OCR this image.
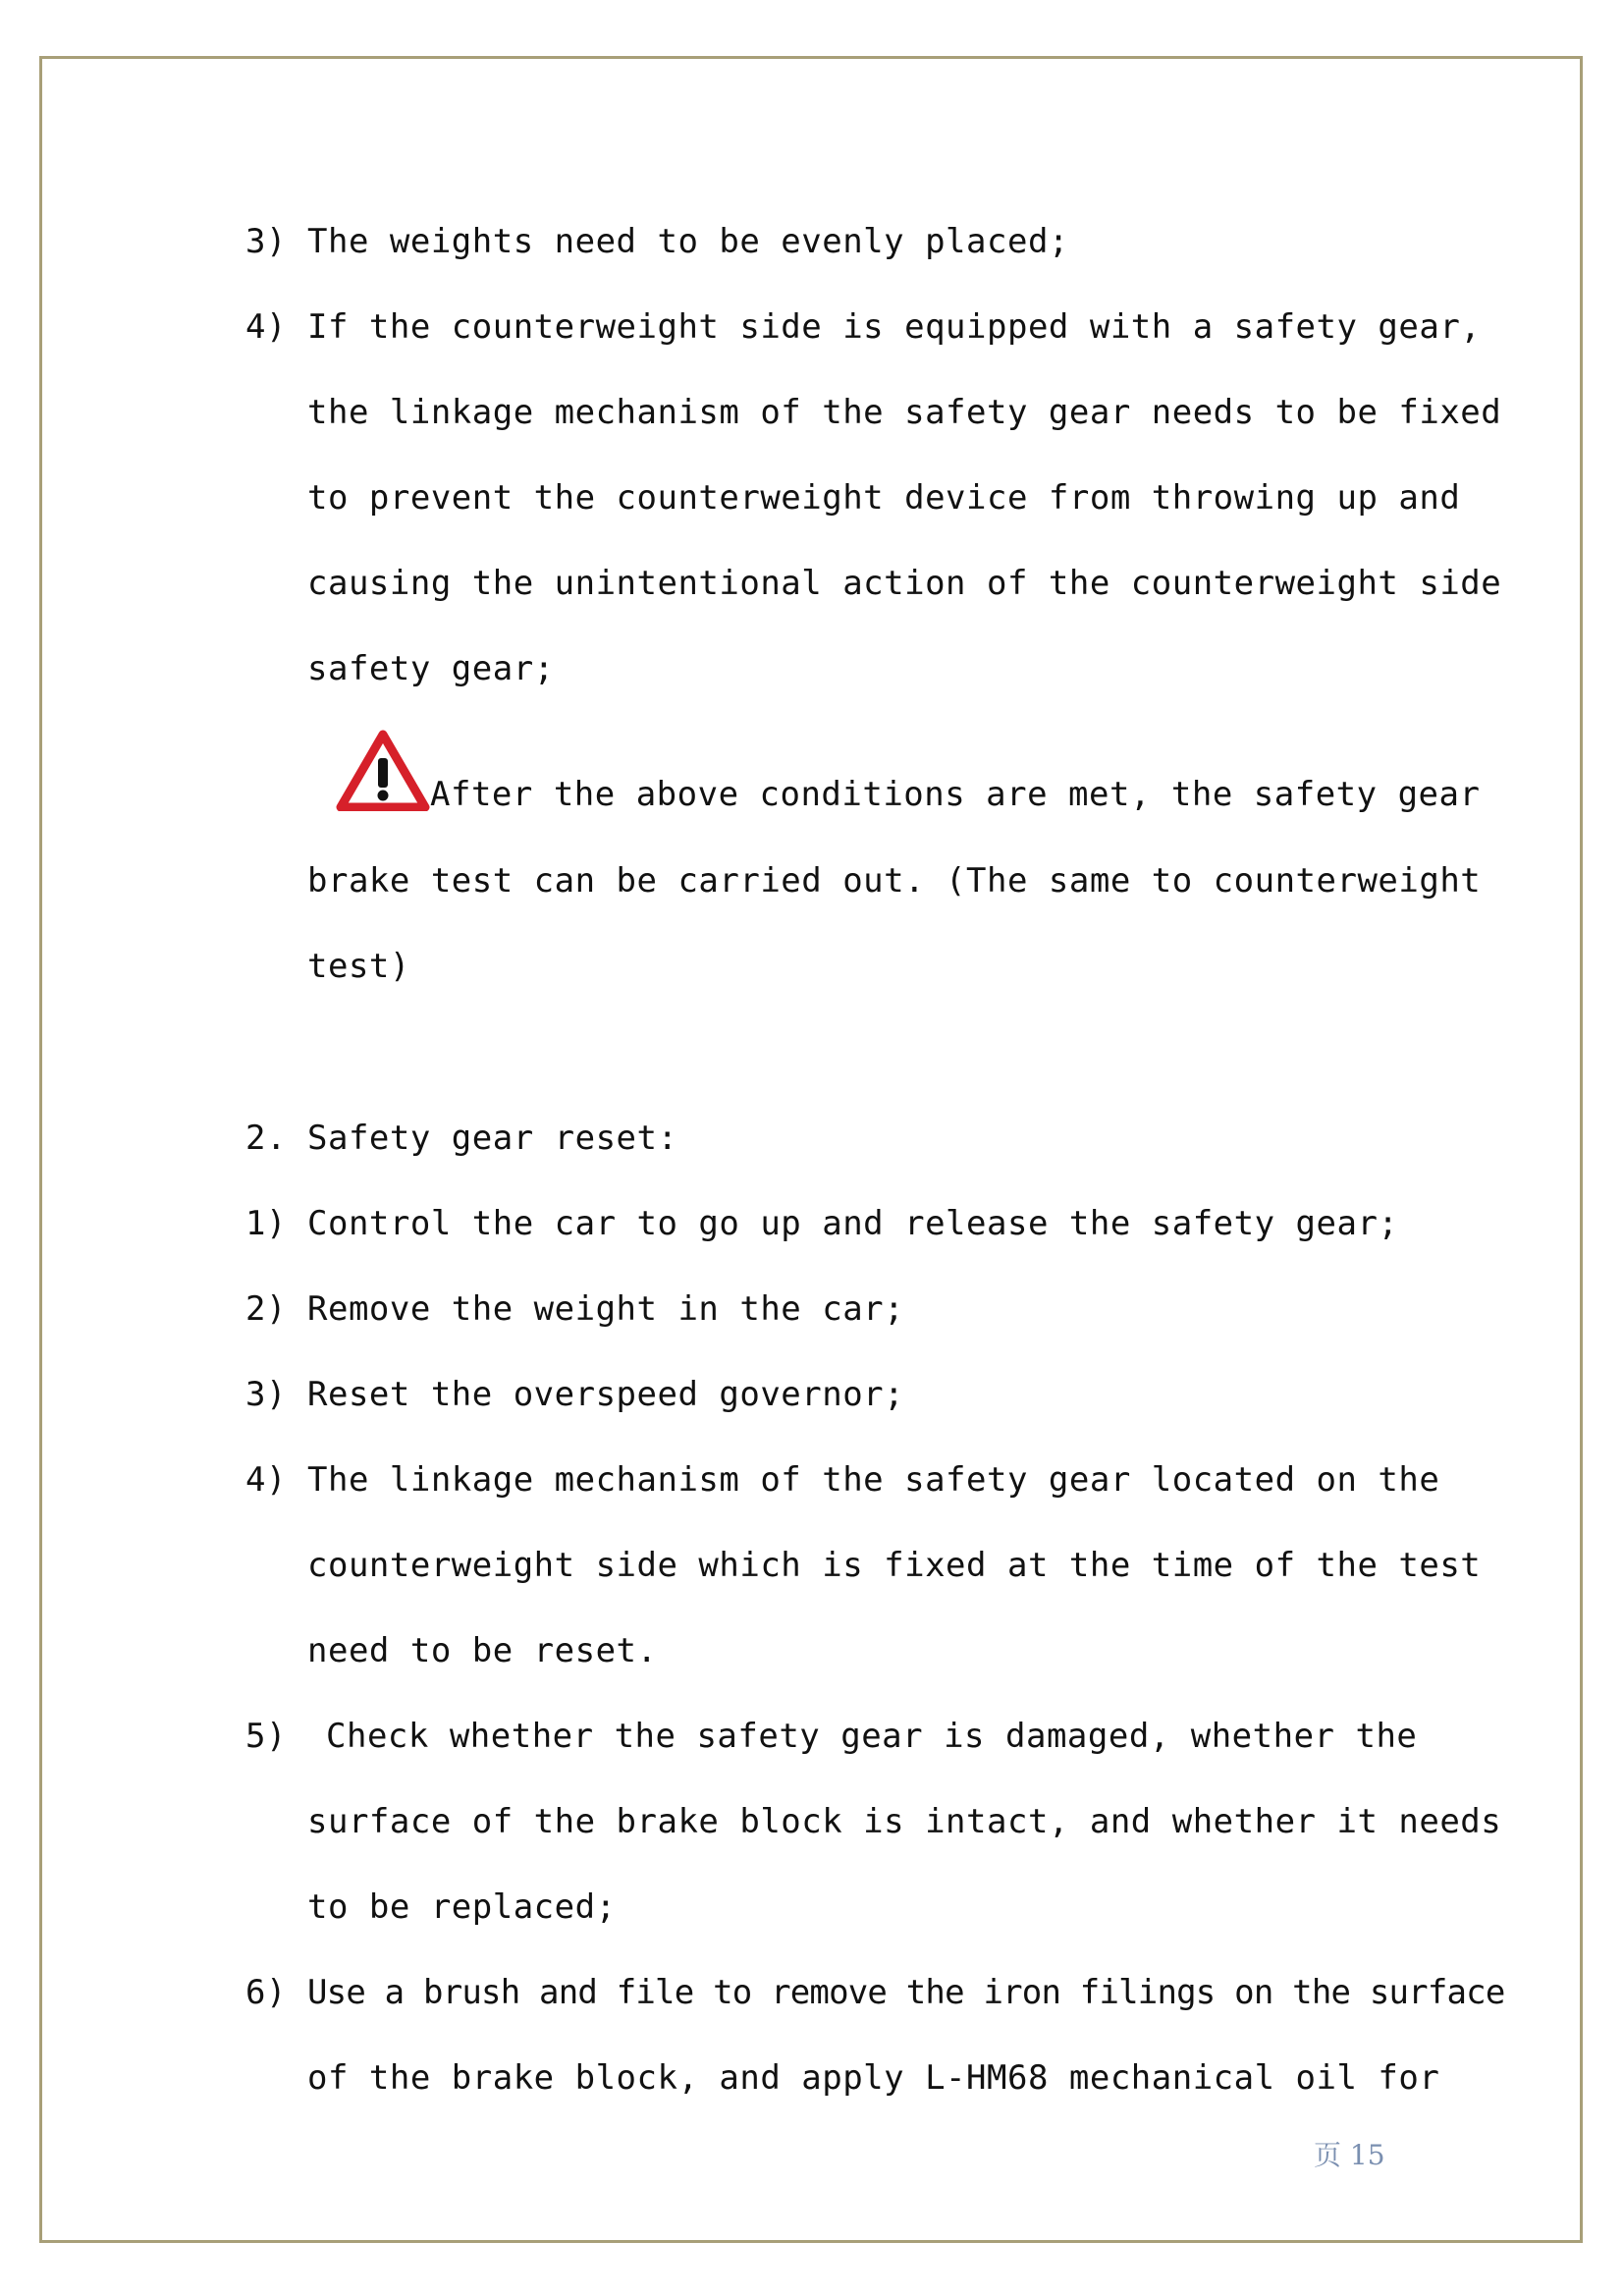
3) The weights need to be evenly placed;
4) If the counterweight side is equipped with a safety gear,
the linkage mechanism of the safety gear needs to be fixed
to prevent the counterweight device from throwing up and
causing the unintentional action of the counterweight side
safety gear;
After the above conditions are met, the safety gear
brake test can be carried out. (The same to counterweight
test)
2. Safety gear reset:
1) Control the car to go up and release the safety gear;
2) Remove the weight in the car;
3) Reset the overspeed governor;
4) The linkage mechanism of the safety gear located on the
counterweight side which is fixed at the time of the test
need to be reset.
5) Check whether the safety gear is damaged, whether the
surface of the brake block is intact, and whether it needs
to be replaced;
6) Use a brush and file to remove the iron filings on the surface
of the brake block, and apply L-HM68 mechanical oil for
页 15
